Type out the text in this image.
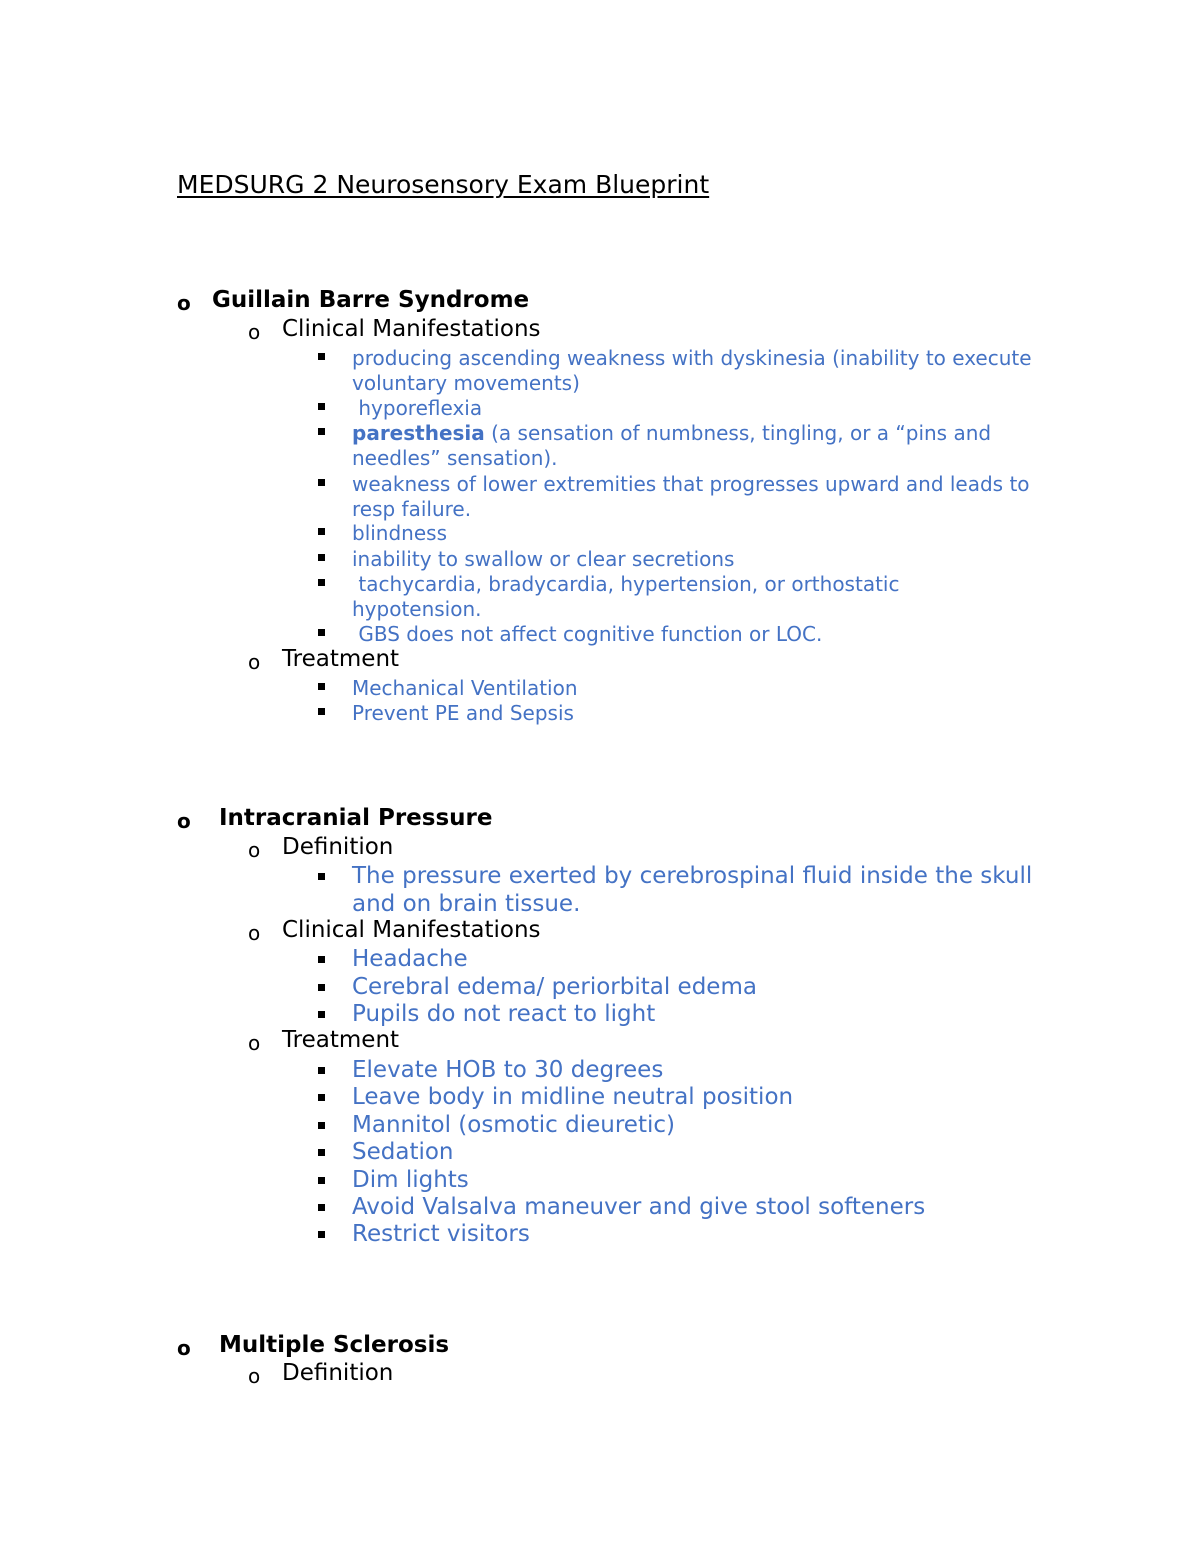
MEDSURG 2 Neurosensory Exam Blueprint
o Guillain Barre Syndrome
o Clinical Manifestations
producing ascending weakness with dyskinesia (inability to execute voluntary movements)
hyporeflexia
paresthesia (a sensation of numbness, tingling, or a “pins and needles” sensation).
weakness of lower extremities that progresses upward and leads to resp failure.
blindness
inability to swallow or clear secretions
tachycardia, bradycardia, hypertension, or orthostatic hypotension.
GBS does not affect cognitive function or LOC.
o Treatment
Mechanical Ventilation
Prevent PE and Sepsis
o Intracranial Pressure
o Definition
The pressure exerted by cerebrospinal fluid inside the skull and on brain tissue.
o Clinical Manifestations
Headache
Cerebral edema/ periorbital edema
Pupils do not react to light
o Treatment
Elevate HOB to 30 degrees
Leave body in midline neutral position
Mannitol (osmotic dieuretic)
Sedation
Dim lights
Avoid Valsalva maneuver and give stool softeners
Restrict visitors
o Multiple Sclerosis
o Definition
